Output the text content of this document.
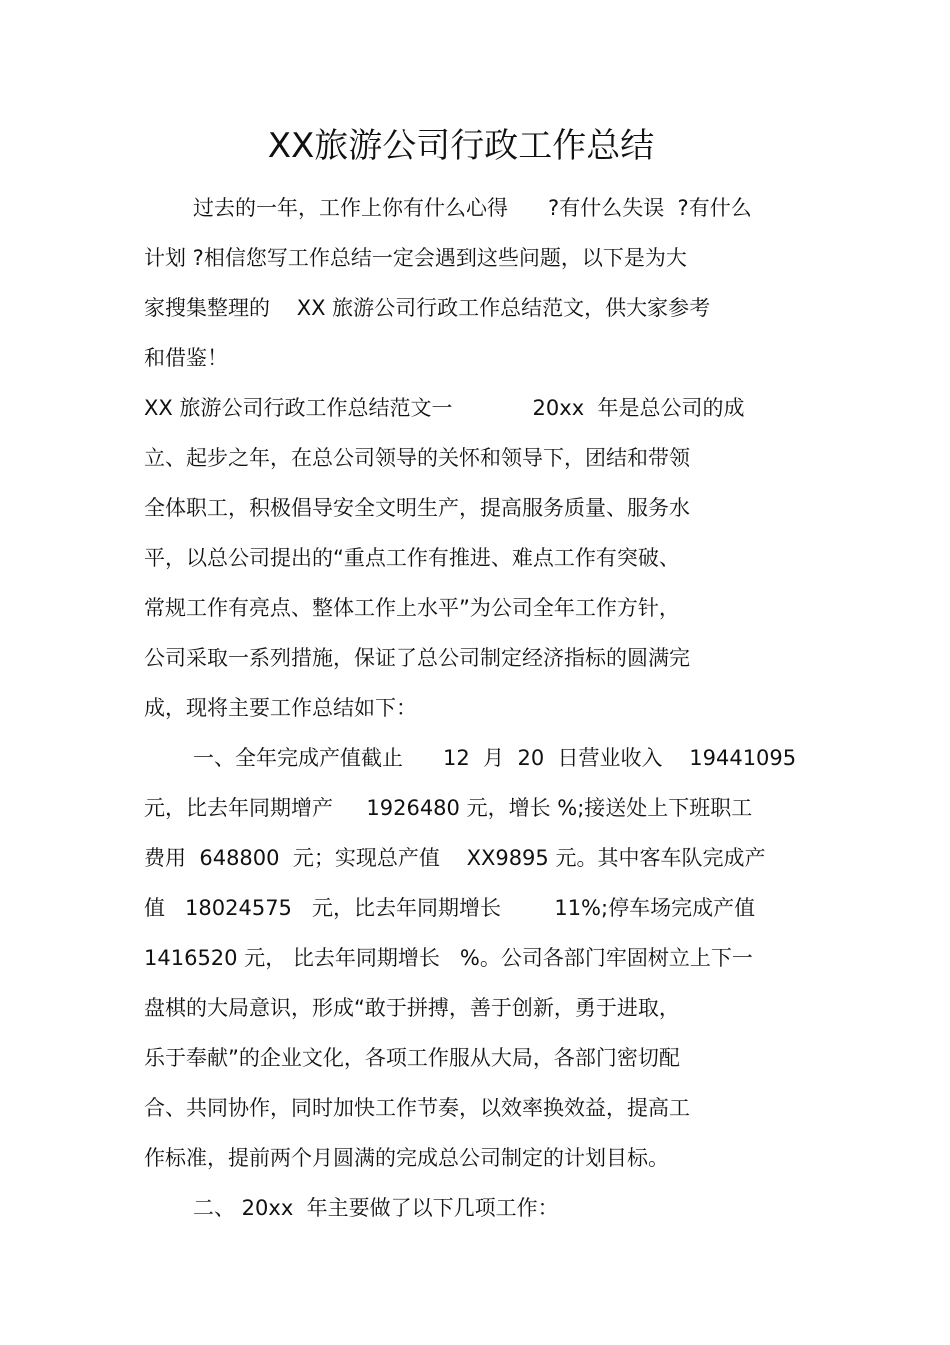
XX旅游公司行政工作总结
过去的一年，工作上你有什么心得      ?有什么失误  ?有什么
计划 ?相信您写工作总结一定会遇到这些问题，以下是为大
家搜集整理的    XX 旅游公司行政工作总结范文，供大家参考
和借鉴！
XX 旅游公司行政工作总结范文一            20xx  年是总公司的成
立、起步之年，在总公司领导的关怀和领导下，团结和带领
全体职工，积极倡导安全文明生产，提高服务质量、服务水
平，以总公司提出的“重点工作有推进、难点工作有突破、
常规工作有亮点、整体工作上水平”为公司全年工作方针，
公司采取一系列措施，保证了总公司制定经济指标的圆满完
成，现将主要工作总结如下：
一、全年完成产值截止      12  月  20  日营业收入    19441095
元，比去年同期增产     1926480 元，增长 %;接送处上下班职工
费用  648800  元；实现总产值    XX9895 元。其中客车队完成产
值   18024575   元，比去年同期增长        11%;停车场完成产值
1416520 元， 比去年同期增长   %。公司各部门牢固树立上下一
盘棋的大局意识，形成“敢于拼搏，善于创新，勇于进取，
乐于奉献”的企业文化，各项工作服从大局，各部门密切配
合、共同协作，同时加快工作节奏，以效率换效益，提高工
作标准，提前两个月圆满的完成总公司制定的计划目标。
二、 20xx  年主要做了以下几项工作：
